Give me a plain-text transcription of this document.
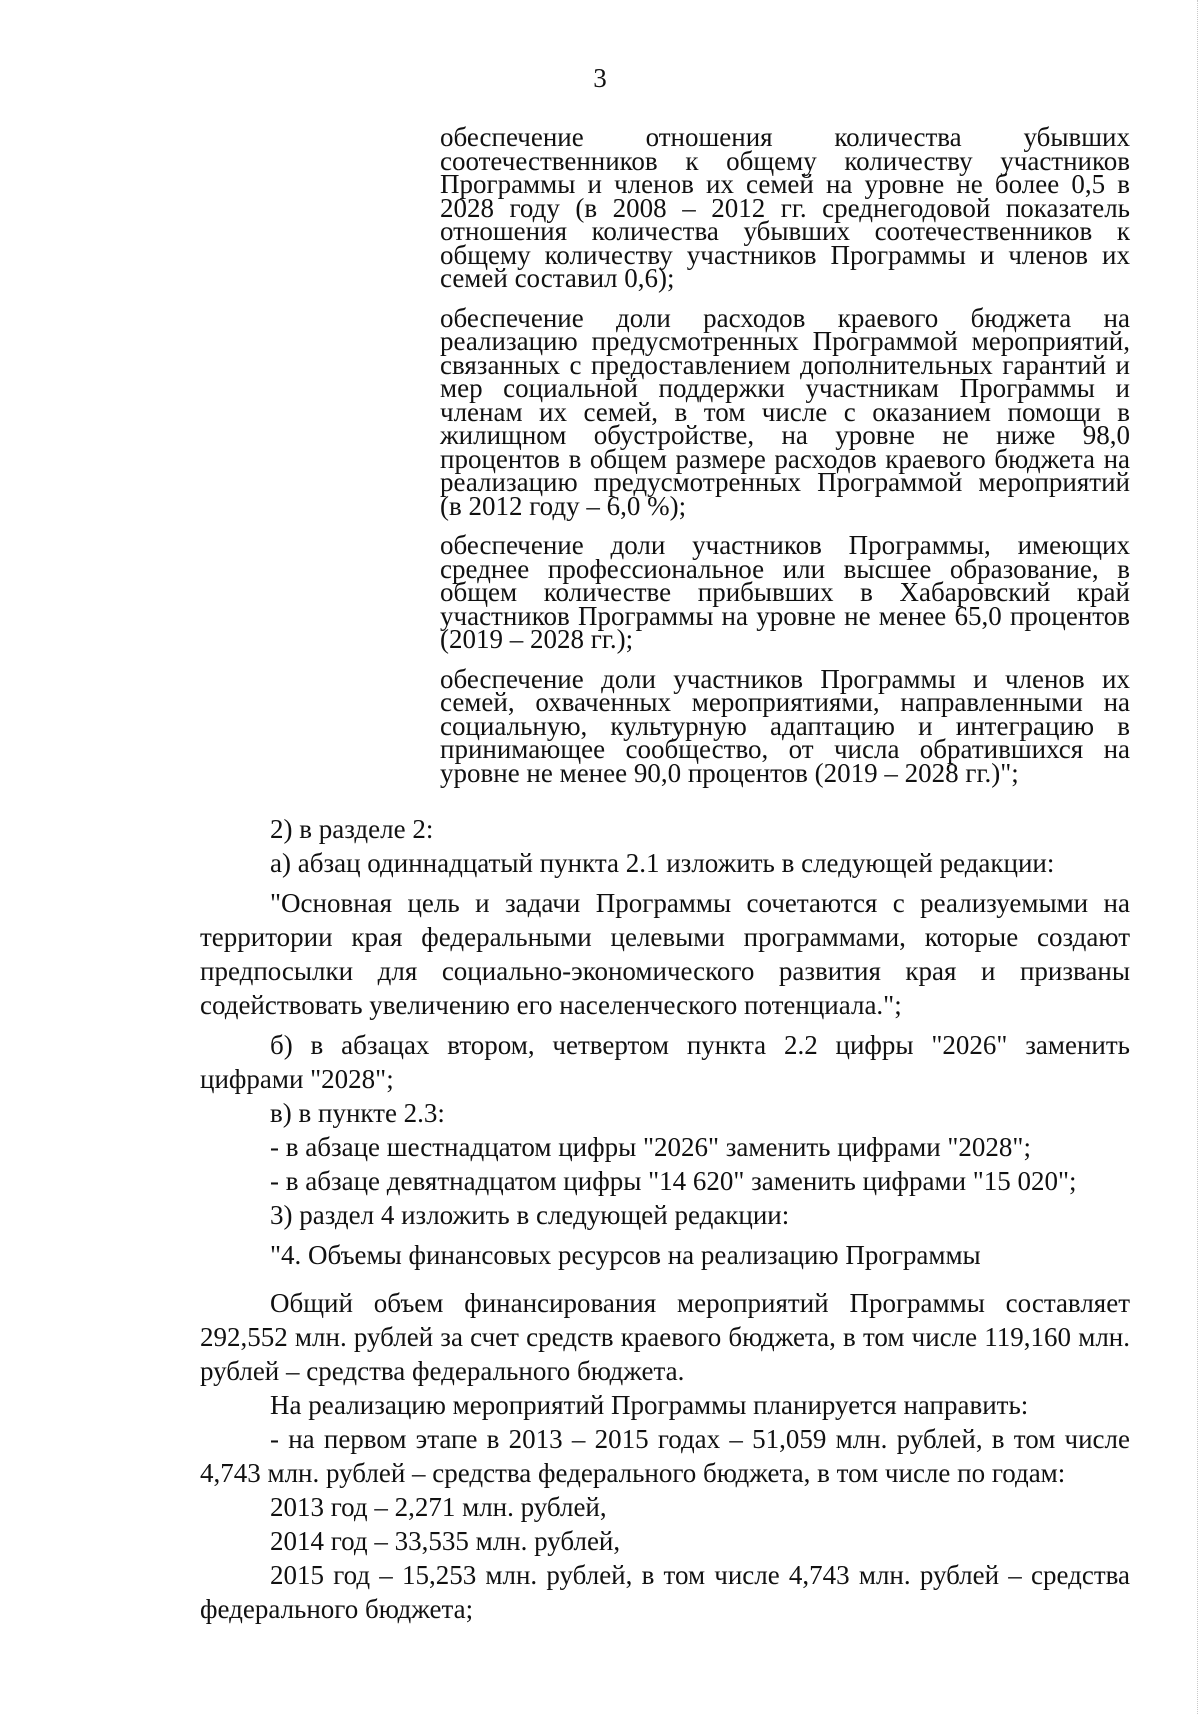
3

обеспечение отношения количества убывших соотечественников к общему количеству участников Программы и членов их семей на уровне не более 0,5 в 2028 году (в 2008 – 2012 гг. среднегодовой показатель отношения количества убывших соотечественников к общему количеству участников Программы и членов их семей составил 0,6);

обеспечение доли расходов краевого бюджета на реализацию предусмотренных Программой мероприятий, связанных с предоставлением дополнительных гарантий и мер социальной поддержки участникам Программы и членам их семей, в том числе с оказанием помощи в жилищном обустройстве, на уровне не ниже 98,0 процентов в общем размере расходов краевого бюджета на реализацию предусмотренных Программой мероприятий (в 2012 году – 6,0 %);

обеспечение доли участников Программы, имеющих среднее профессиональное или высшее образование, в общем количестве прибывших в Хабаровский край участников Программы на уровне не менее 65,0 процентов (2019 – 2028 гг.);

обеспечение доли участников Программы и членов их семей, охваченных мероприятиями, направленными на социальную, культурную адаптацию и интеграцию в принимающее сообщество, от числа обратившихся на уровне не менее 90,0 процентов (2019 – 2028 гг.)";

2) в разделе 2:

а) абзац одиннадцатый пункта 2.1 изложить в следующей редакции:

"Основная цель и задачи Программы сочетаются с реализуемыми на территории края федеральными целевыми программами, которые создают предпосылки для социально-экономического развития края и призваны содействовать увеличению его населенческого потенциала.";

б) в абзацах втором, четвертом пункта 2.2 цифры "2026" заменить цифрами "2028";

в) в пункте 2.3:

- в абзаце шестнадцатом цифры "2026" заменить цифрами "2028";

- в абзаце девятнадцатом цифры "14 620" заменить цифрами "15 020";

3) раздел 4 изложить в следующей редакции:

"4. Объемы финансовых ресурсов на реализацию Программы

Общий объем финансирования мероприятий Программы составляет 292,552 млн. рублей за счет средств краевого бюджета, в том числе 119,160 млн. рублей – средства федерального бюджета.

На реализацию мероприятий Программы планируется направить:

- на первом этапе в 2013 – 2015 годах – 51,059 млн. рублей, в том числе 4,743 млн. рублей – средства федерального бюджета, в том числе по годам:

2013 год – 2,271 млн. рублей,

2014 год – 33,535 млн. рублей,

2015 год – 15,253 млн. рублей, в том числе 4,743 млн. рублей – средства федерального бюджета;
